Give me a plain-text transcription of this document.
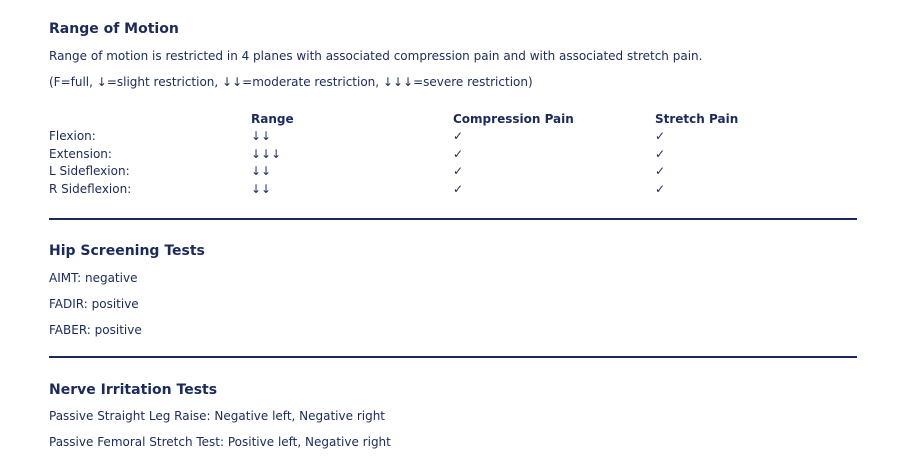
Range of Motion
Range of motion is restricted in 4 planes with associated compression pain and with associated stretch pain.
(F=full, ↓=slight restriction, ↓↓=moderate restriction, ↓↓↓=severe restriction)
Range	Compression Pain	Stretch Pain
Flexion:
Extension:
L Sideflexion:
R Sideflexion:
↓↓
↓↓↓
↓↓
↓↓
✓
✓
✓
✓
✓
✓
✓
✓
Hip Screening Tests
AIMT: negative
FADIR: positive
FABER: positive
Nerve Irritation Tests
Passive Straight Leg Raise: Negative left, Negative right
Passive Femoral Stretch Test: Positive left, Negative right
